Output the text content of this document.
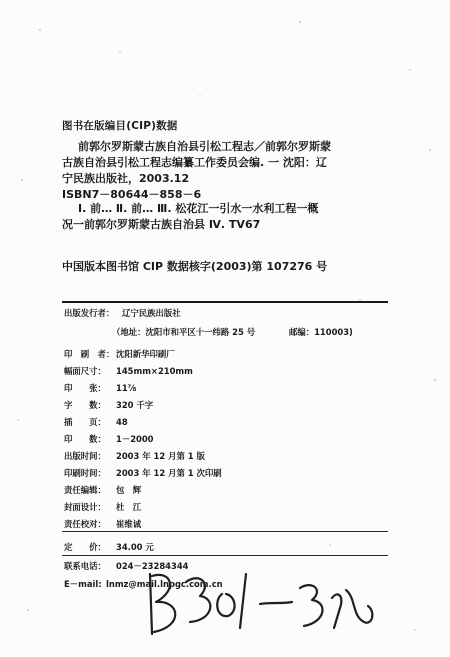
图书在版编目(CIP)数据
前郭尔罗斯蒙古族自治县引松工程志／前郭尔罗斯蒙
古族自治县引松工程志编纂工作委员会编. 一 沈阳：辽
宁民族出版社，2003.12
ISBN7－80644－858－6
Ⅰ. 前… Ⅱ. 前… Ⅲ. 松花江一引水一水利工程一概
况一前郭尔罗斯蒙古族自治县 Ⅳ. TV67
中国版本图书馆 CIP 数据核字(2003)第 107276 号
出版发行者： 辽宁民族出版社
（地址：沈阳市和平区十一纬路 25 号	邮编：110003)
印　刷　者： 沈阳新华印刷厂
幅面尺寸： 145mm×210mm
印　　张： 11⅞
字　　数： 320 千字
插　　页： 48
印　　数： 1－2000
出版时间： 2003 年 12 月第 1 版
印刷时间： 2003 年 12 月第 1 次印刷
责任编辑： 包　辉
封面设计： 杜　江
责任校对： 崔维诚
定　　价： 34.00 元
联系电话： 024－23284344
E－mail: lnmz@mail.lnpgc.com.cn
